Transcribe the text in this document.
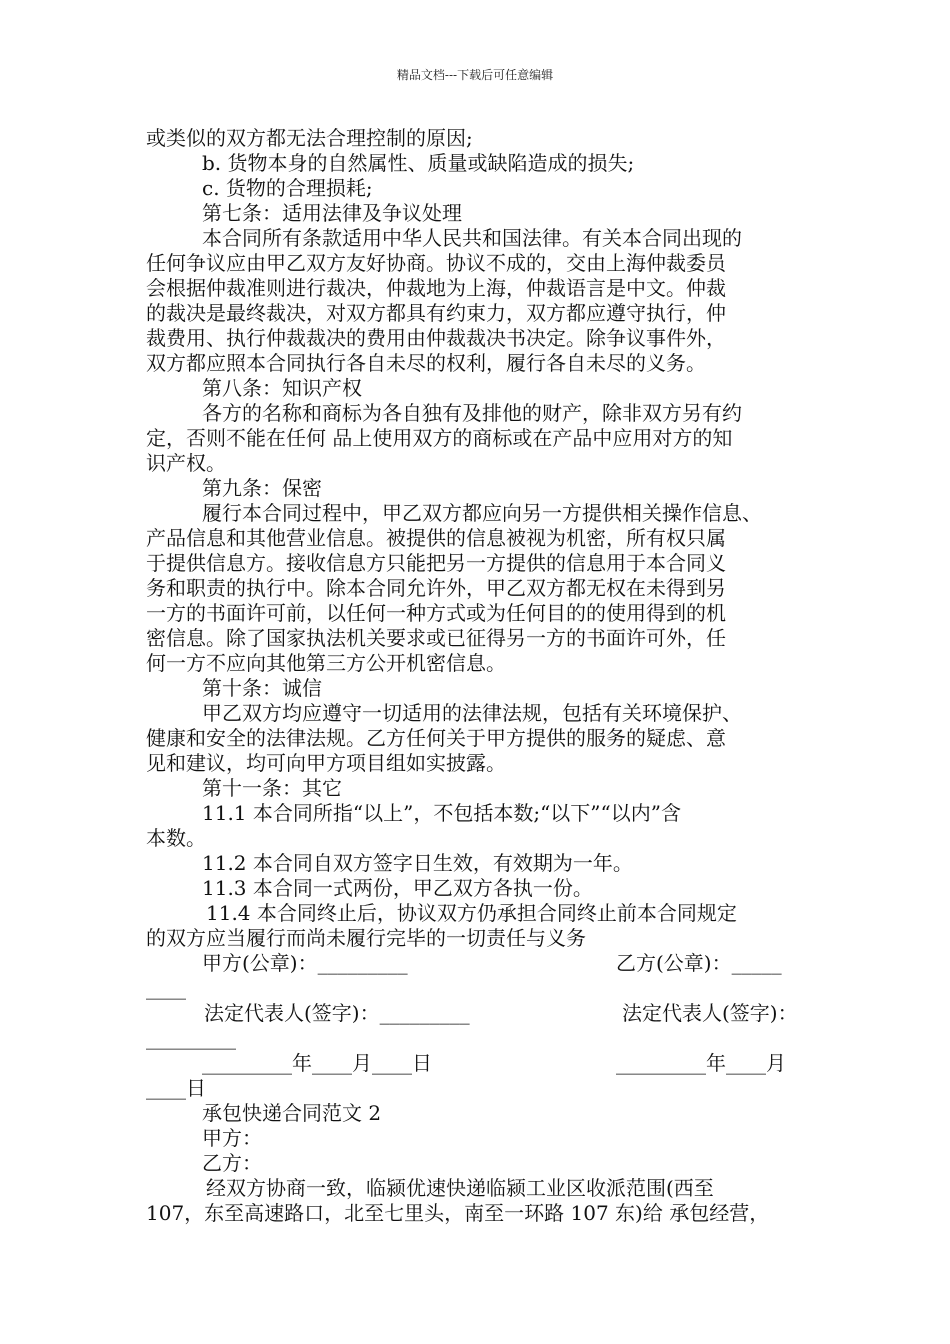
精品文档---下载后可任意编辑
或类似的双方都无法合理控制的原因;
b. 货物本身的自然属性、质量或缺陷造成的损失;
c. 货物的合理损耗;
第七条：适用法律及争议处理
本合同所有条款适用中华人民共和国法律。有关本合同出现的
任何争议应由甲乙双方友好协商。协议不成的，交由上海仲裁委员
会根据仲裁准则进行裁决，仲裁地为上海，仲裁语言是中文。仲裁
的裁决是最终裁决，对双方都具有约束力，双方都应遵守执行，仲
裁费用、执行仲裁裁决的费用由仲裁裁决书决定。除争议事件外，
双方都应照本合同执行各自未尽的权利，履行各自未尽的义务。
第八条：知识产权
各方的名称和商标为各自独有及排他的财产，除非双方另有约
定，否则不能在任何 品上使用双方的商标或在产品中应用对方的知
识产权。
第九条：保密
履行本合同过程中，甲乙双方都应向另一方提供相关操作信息、
产品信息和其他营业信息。被提供的信息被视为机密，所有权只属
于提供信息方。接收信息方只能把另一方提供的信息用于本合同义
务和职责的执行中。除本合同允许外，甲乙双方都无权在未得到另
一方的书面许可前，以任何一种方式或为任何目的的使用得到的机
密信息。除了国家执法机关要求或已征得另一方的书面许可外，任
何一方不应向其他第三方公开机密信息。
第十条：诚信
甲乙双方均应遵守一切适用的法律法规，包括有关环境保护、
健康和安全的法律法规。乙方任何关于甲方提供的服务的疑虑、意
见和建议，均可向甲方项目组如实披露。
第十一条：其它
11.1 本合同所指“以上”，不包括本数;“以下”“以内”含
本数。
11.2 本合同自双方签字日生效，有效期为一年。
11.3 本合同一式两份，甲乙双方各执一份。
11.4 本合同终止后，协议双方仍承担合同终止前本合同规定
的双方应当履行而尚未履行完毕的一切责任与义务
甲方(公章)：_________	乙方(公章)：_____
____
法定代表人(签字)：_________	法定代表人(签字)：
_________
_________年____月____日	_________年____月
____日
承包快递合同范文 2
甲方：
乙方：
经双方协商一致，临颍优速快递临颍工业区收派范围(西至
107，东至高速路口，北至七里头，南至一环路 107 东)给 承包经营，
